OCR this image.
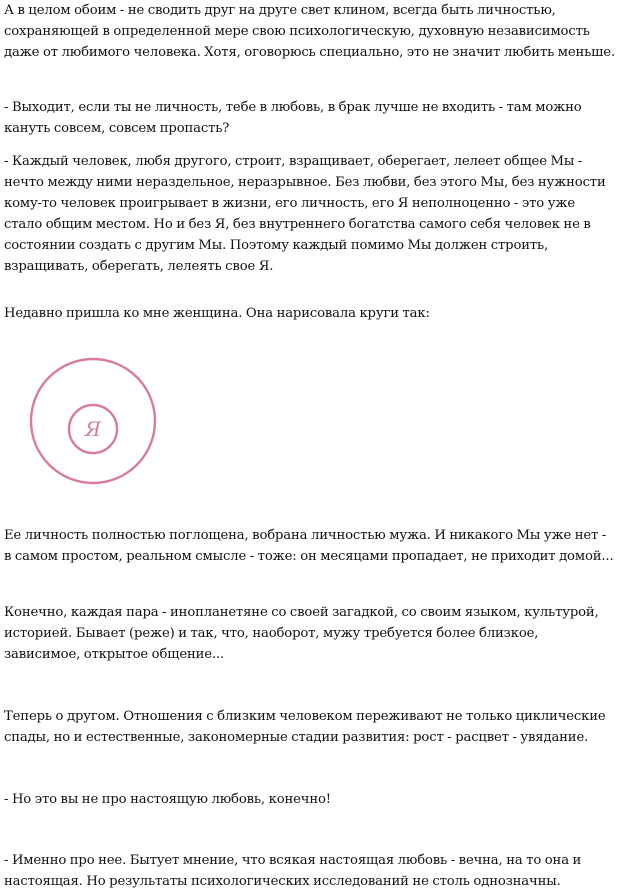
А в целом обоим - не сводить друг на друге свет клином, всегда быть личностью, сохраняющей в определенной мере свою психологическую, духовную независимость даже от любимого человека. Хотя, оговорюсь специально, это не значит любить меньше.

- Выходит, если ты не личность, тебе в любовь, в брак лучше не входить - там можно кануть совсем, совсем пропасть?

- Каждый человек, любя другого, строит, взращивает, оберегает, лелеет общее Мы - нечто между ними нераздельное, неразрывное. Без любви, без этого Мы, без нужности кому-то человек проигрывает в жизни, его личность, его Я неполноценно - это уже стало общим местом. Но и без Я, без внутреннего богатства самого себя человек не в состоянии создать с другим Мы. Поэтому каждый помимо Мы должен строить, взращивать, оберегать, лелеять свое Я.

Недавно пришла ко мне женщина. Она нарисовала круги так:

Я

Ее личность полностью поглощена, вобрана личностью мужа. И никакого Мы уже нет - в самом простом, реальном смысле - тоже: он месяцами пропадает, не приходит домой...

Конечно, каждая пара - инопланетяне со своей загадкой, со своим языком, культурой, историей. Бывает (реже) и так, что, наоборот, мужу требуется более близкое, зависимое, открытое общение...

Теперь о другом. Отношения с близким человеком переживают не только циклические спады, но и естественные, закономерные стадии развития: рост - расцвет - увядание.

- Но это вы не про настоящую любовь, конечно!

- Именно про нее. Бытует мнение, что всякая настоящая любовь - вечна, на то она и настоящая. Но результаты психологических исследований не столь однозначны.
